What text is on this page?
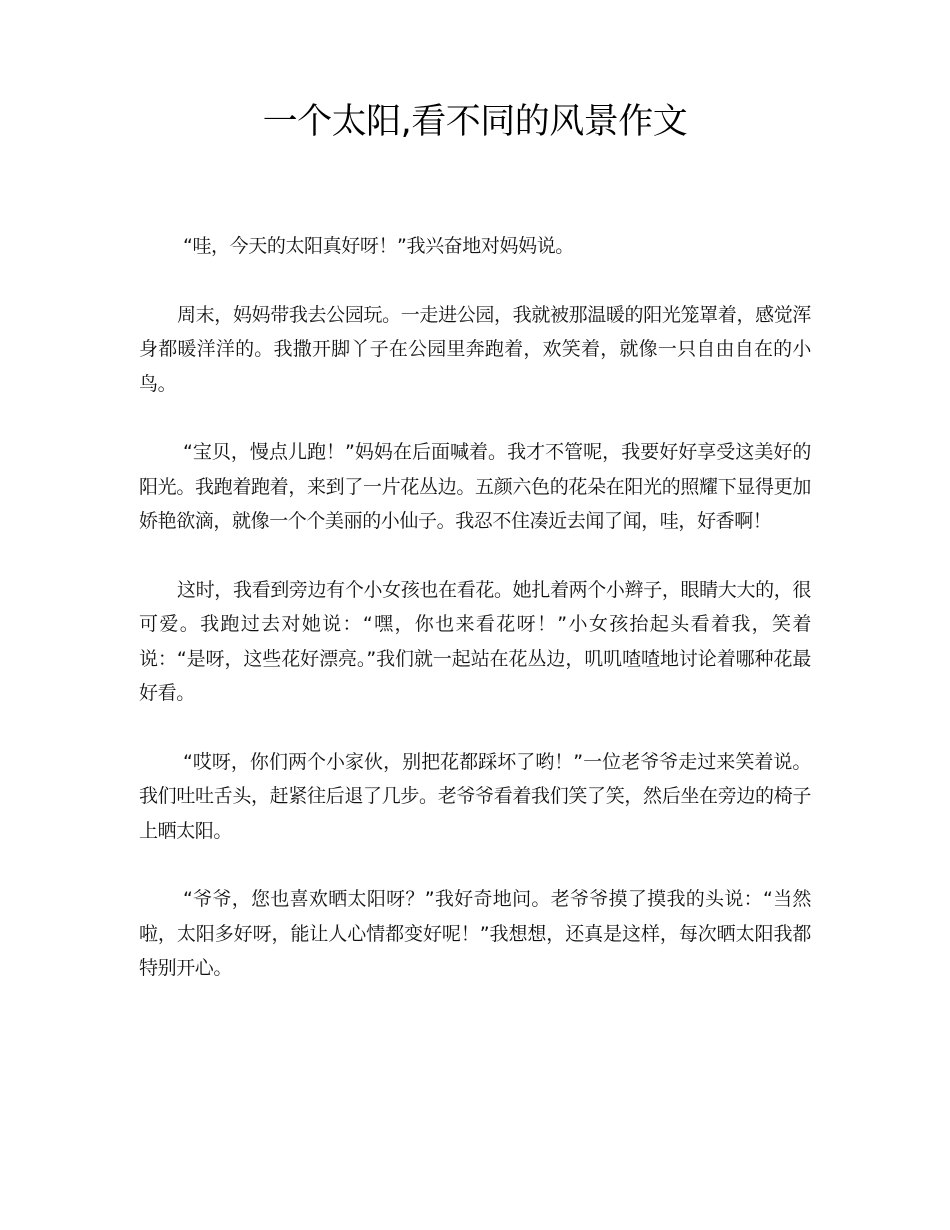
一个太阳,看不同的风景作文

“哇，今天的太阳真好呀！”我兴奋地对妈妈说。

周末，妈妈带我去公园玩。一走进公园，我就被那温暖的阳光笼罩着，感觉浑身都暖洋洋的。我撒开脚丫子在公园里奔跑着，欢笑着，就像一只自由自在的小鸟。

“宝贝，慢点儿跑！”妈妈在后面喊着。我才不管呢，我要好好享受这美好的阳光。我跑着跑着，来到了一片花丛边。五颜六色的花朵在阳光的照耀下显得更加娇艳欲滴，就像一个个美丽的小仙子。我忍不住凑近去闻了闻，哇，好香啊！

这时，我看到旁边有个小女孩也在看花。她扎着两个小辫子，眼睛大大的，很可爱。我跑过去对她说：“嘿，你也来看花呀！”小女孩抬起头看着我，笑着说：“是呀，这些花好漂亮。”我们就一起站在花丛边，叽叽喳喳地讨论着哪种花最好看。

“哎呀，你们两个小家伙，别把花都踩坏了哟！”一位老爷爷走过来笑着说。我们吐吐舌头，赶紧往后退了几步。老爷爷看着我们笑了笑，然后坐在旁边的椅子上晒太阳。

“爷爷，您也喜欢晒太阳呀？”我好奇地问。老爷爷摸了摸我的头说：“当然啦，太阳多好呀，能让人心情都变好呢！”我想想，还真是这样，每次晒太阳我都特别开心。
